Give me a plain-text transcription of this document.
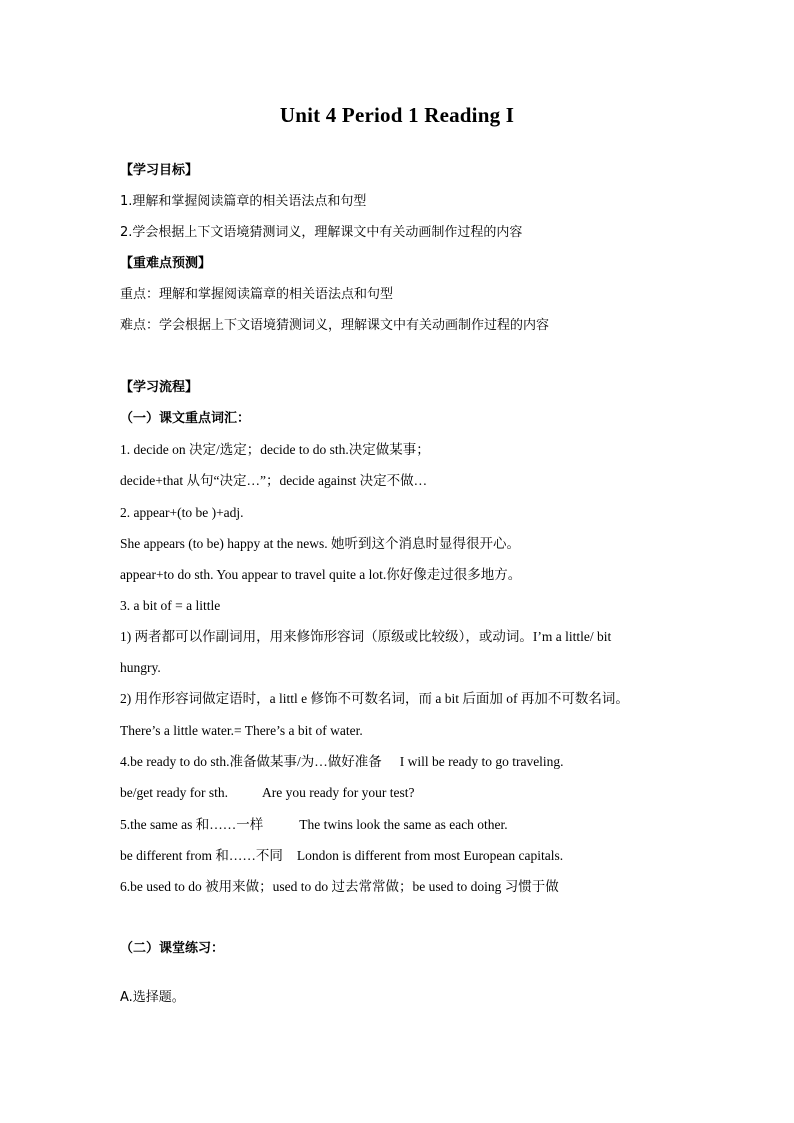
Unit 4 Period 1 Reading I
【学习目标】
1.理解和掌握阅读篇章的相关语法点和句型
2.学会根据上下文语境猜测词义，理解课文中有关动画制作过程的内容
【重难点预测】
重点：理解和掌握阅读篇章的相关语法点和句型
难点：学会根据上下文语境猜测词义，理解课文中有关动画制作过程的内容
【学习流程】
（一）课文重点词汇：
1. decide on 决定/选定；decide to do sth.决定做某事；
decide+that 从句“决定…”；decide against 决定不做…
2. appear+(to be )+adj.
She appears (to be) happy at the news. 她听到这个消息时显得很开心。
appear+to do sth. You appear to travel quite a lot.你好像走过很多地方。
3. a bit of = a little
1) 两者都可以作副词用，用来修饰形容词（原级或比较级），或动词。I’m a little/ bit
hungry.
2) 用作形容词做定语时，a littl e 修饰不可数名词，而 a bit 后面加 of 再加不可数名词。
There’s a little water.= There’s a bit of water.
4.be ready to do sth.准备做某事/为…做好准备 I will be ready to go traveling.
be/get ready for sth.	Are you ready for your test?
5.the same as 和……一样	The twins look the same as each other.
be different from 和……不同 London is different from most European capitals.
6.be used to do 被用来做；used to do 过去常常做；be used to doing 习惯于做
（二）课堂练习：
A.选择题。
